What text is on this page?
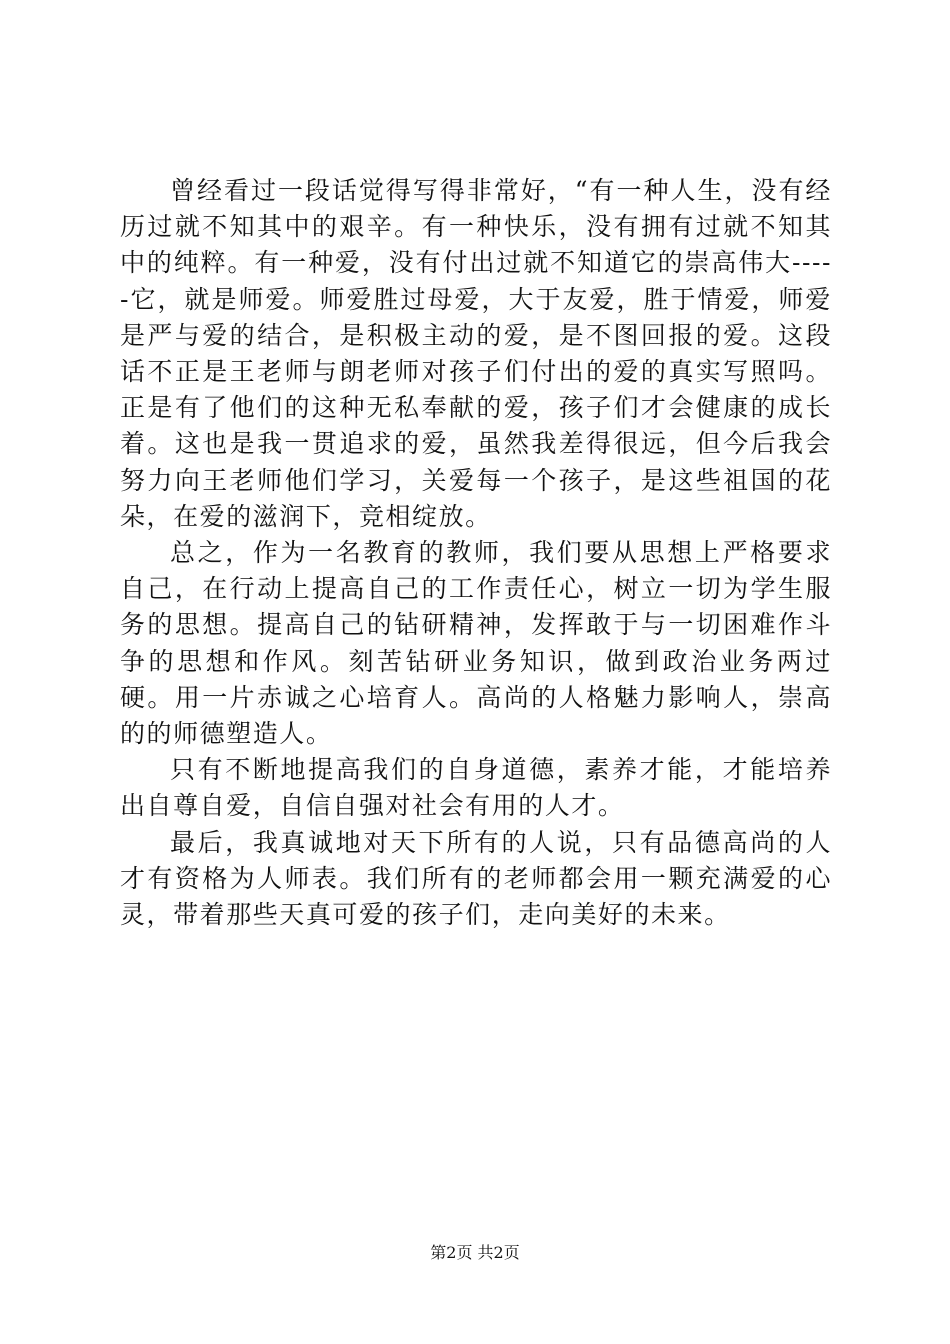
曾经看过一段话觉得写得非常好，“有一种人生，没有经历过就不知其中的艰辛。有一种快乐，没有拥有过就不知其中的纯粹。有一种爱，没有付出过就不知道它的崇高伟大-----它，就是师爱。师爱胜过母爱，大于友爱，胜于情爱，师爱是严与爱的结合，是积极主动的爱，是不图回报的爱。这段话不正是王老师与朗老师对孩子们付出的爱的真实写照吗。正是有了他们的这种无私奉献的爱，孩子们才会健康的成长着。这也是我一贯追求的爱，虽然我差得很远，但今后我会努力向王老师他们学习，关爱每一个孩子，是这些祖国的花朵，在爱的滋润下，竞相绽放。

总之，作为一名教育的教师，我们要从思想上严格要求自己，在行动上提高自己的工作责任心，树立一切为学生服务的思想。提高自己的钻研精神，发挥敢于与一切困难作斗争的思想和作风。刻苦钻研业务知识，做到政治业务两过硬。用一片赤诚之心培育人。高尚的人格魅力影响人，崇高的的师德塑造人。

只有不断地提高我们的自身道德，素养才能，才能培养出自尊自爱，自信自强对社会有用的人才。

最后，我真诚地对天下所有的人说，只有品德高尚的人才有资格为人师表。我们所有的老师都会用一颗充满爱的心灵，带着那些天真可爱的孩子们，走向美好的未来。

第2页 共2页
